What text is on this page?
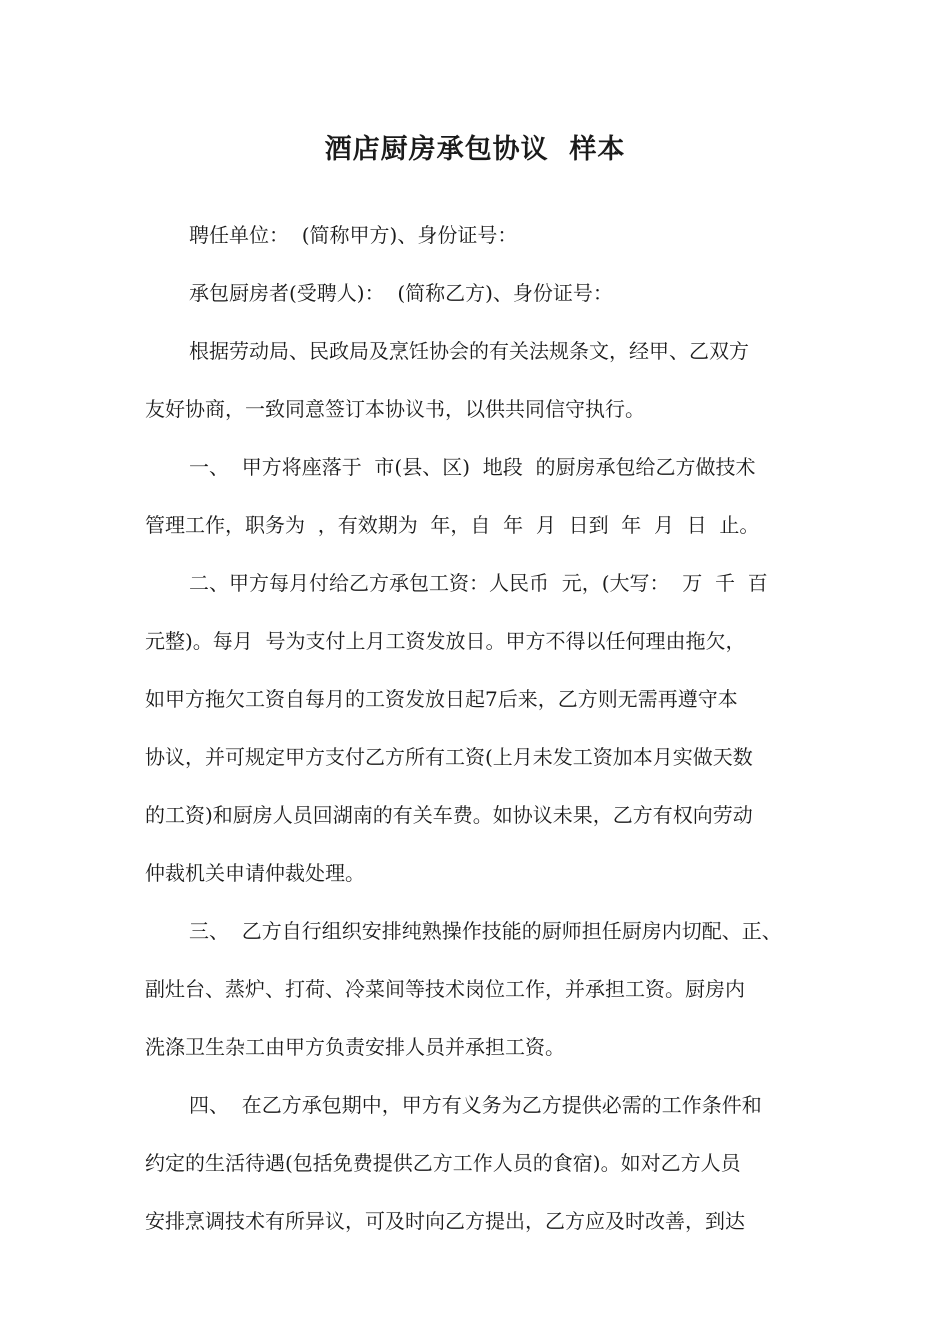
酒店厨房承包协议  样本
聘任单位：  (简称甲方)、身份证号：
承包厨房者(受聘人)：  (简称乙方)、身份证号：
根据劳动局、民政局及烹饪协会的有关法规条文，经甲、乙双方
友好协商，一致同意签订本协议书，以供共同信守执行。
一、  甲方将座落于  市(县、区)  地段  的厨房承包给乙方做技术
管理工作，职务为  ，有效期为  年，自  年  月  日到  年  月  日  止。
二、甲方每月付给乙方承包工资：人民币  元，(大写：  万  千  百
元整)。每月  号为支付上月工资发放日。甲方不得以任何理由拖欠，
如甲方拖欠工资自每月的工资发放日起7后来，乙方则无需再遵守本
协议，并可规定甲方支付乙方所有工资(上月未发工资加本月实做天数
的工资)和厨房人员回湖南的有关车费。如协议未果，乙方有权向劳动
仲裁机关申请仲裁处理。
三、  乙方自行组织安排纯熟操作技能的厨师担任厨房内切配、正、
副灶台、蒸炉、打荷、冷菜间等技术岗位工作，并承担工资。厨房内
洗涤卫生杂工由甲方负责安排人员并承担工资。
四、  在乙方承包期中，甲方有义务为乙方提供必需的工作条件和
约定的生活待遇(包括免费提供乙方工作人员的食宿)。如对乙方人员
安排烹调技术有所异议，可及时向乙方提出，乙方应及时改善，到达
